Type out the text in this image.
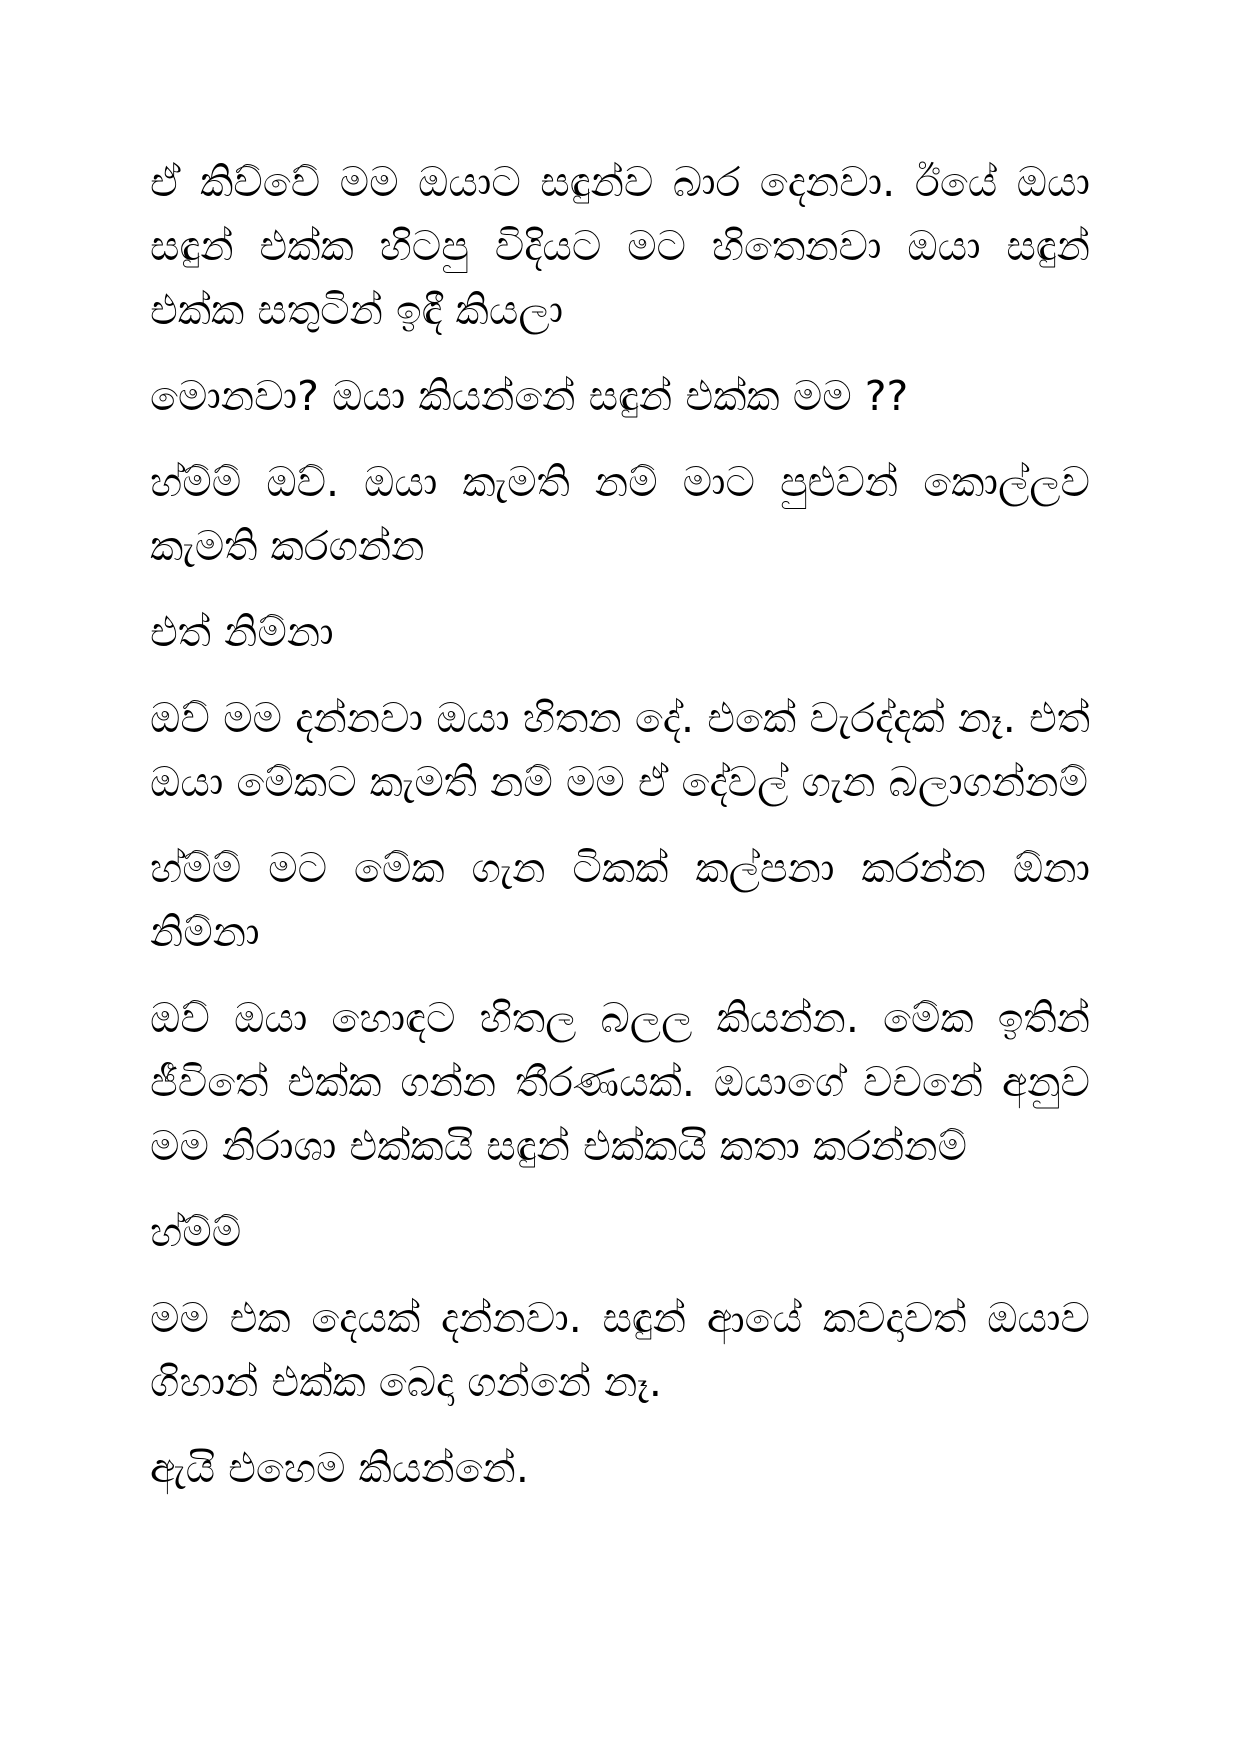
ඒ කිව්වේ මම ඔයාට සඳුන්ව බාර දෙනවා. ඊයේ ඔයා සඳුන් එක්ක හිටපු විදියට මට හිතෙනවා ඔයා සඳුන් එක්ක සතුටින් ඉඳී කියලා

මොනවා? ඔයා කියන්නේ සඳුන් එක්ක මම ??

හ්ම්ම් ඔව්. ඔයා කැමති නම් මාට පුළුවන් කොල්ලව කැමති කරගන්න

එත් නිම්නා

ඔව් මම දන්නවා ඔයා හිතන දේ. එකේ වැරද්දක් නෑ. එත් ඔයා මේකට කැමති නම් මම ඒ දේවල් ගැන බලාගන්නම්

හ්ම්ම් මට මේක ගැන ටිකක් කල්පනා කරන්න ඕනා නිම්නා

ඔව් ඔයා හොඳට හිතල බලල කියන්න. මේක ඉතින් ජීවිතේ එක්ක ගන්න තීරණයක්. ඔයාගේ වචනේ අනුව මම නිරාශා එක්කයි සඳුන් එක්කයි කතා කරන්නම්

හ්ම්ම්

මම එක දෙයක් දන්නවා. සඳුන් ආයේ කවදාවත් ඔයාව ගිහාන් එක්ක බෙදා ගන්නේ නෑ.

ඇයි එහෙම කියන්නේ.
